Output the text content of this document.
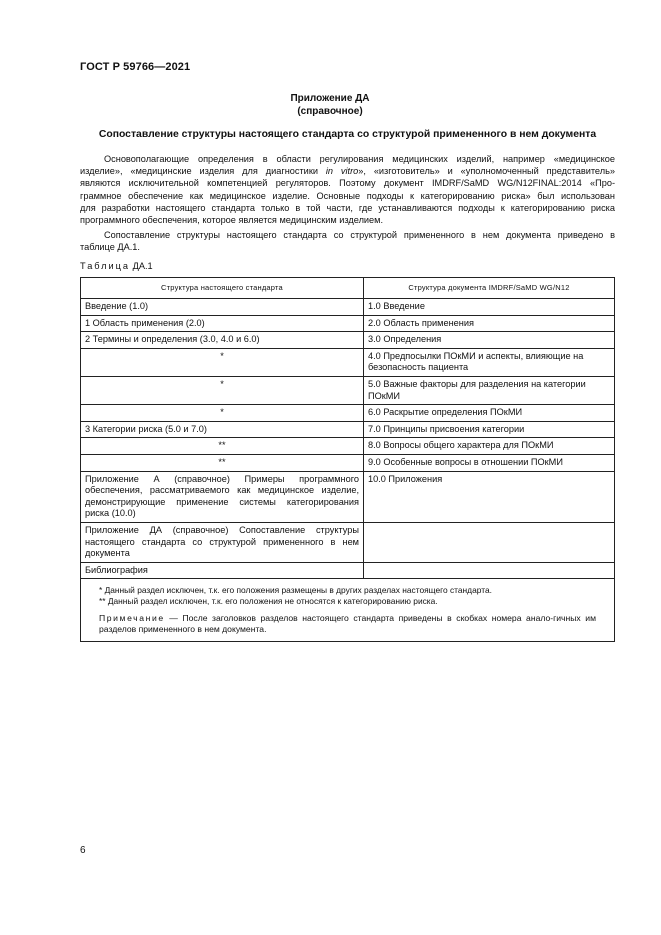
ГОСТ Р 59766—2021
Приложение ДА
(справочное)
Сопоставление структуры настоящего стандарта со структурой примененного в нем документа
Основополагающие определения в области регулирования медицинских изделий, например «медицинское
изделие», «медицинские изделия для диагностики in vitro», «изготовитель» и «уполномоченный представитель»
являются исключительной компетенцией регуляторов. Поэтому документ IMDRF/SaMD WG/N12FINAL:2014 «Про-
граммное обеспечение как медицинское изделие. Основные подходы к категорированию риска» был использован
для разработки настоящего стандарта только в той части, где устанавливаются подходы к категорированию риска
программного обеспечения, которое является медицинским изделием.
Сопоставление структуры настоящего стандарта со структурой примененного в нем документа приведено в
таблице ДА.1.
Таблица ДА.1
Структура настоящего стандарта	Структура документа IMDRF/SaMD WG/N12
Введение (1.0)	1.0 Введение
1 Область применения (2.0)	2.0 Область применения
2 Термины и определения (3.0, 4.0 и 6.0)	3.0 Определения
*	4.0 Предпосылки ПОкМИ и аспекты, влияющие на безопасность пациента
*	5.0 Важные факторы для разделения на категории ПОкМИ
*	6.0 Раскрытие определения ПОкМИ
3 Категории риска (5.0 и 7.0)	7.0 Принципы присвоения категории
**	8.0 Вопросы общего характера для ПОкМИ
**	9.0 Особенные вопросы в отношении ПОкМИ
Приложение А (справочное) Примеры программного обеспечения, рассматриваемого как медицинское изделие, демонстрирующие применение системы категорирования риска (10.0)	10.0 Приложения
Приложение ДА (справочное) Сопоставление структуры настоящего стандарта со структурой примененного в нем документа	
Библиография	

* Данный раздел исключен, т.к. его положения размещены в других разделах настоящего стандарта.
** Данный раздел исключен, т.к. его положения не относятся к категорированию риска.
Примечание — После заголовков разделов настоящего стандарта приведены в скобках номера анало-гичных им разделов примененного в нем документа.	
6
